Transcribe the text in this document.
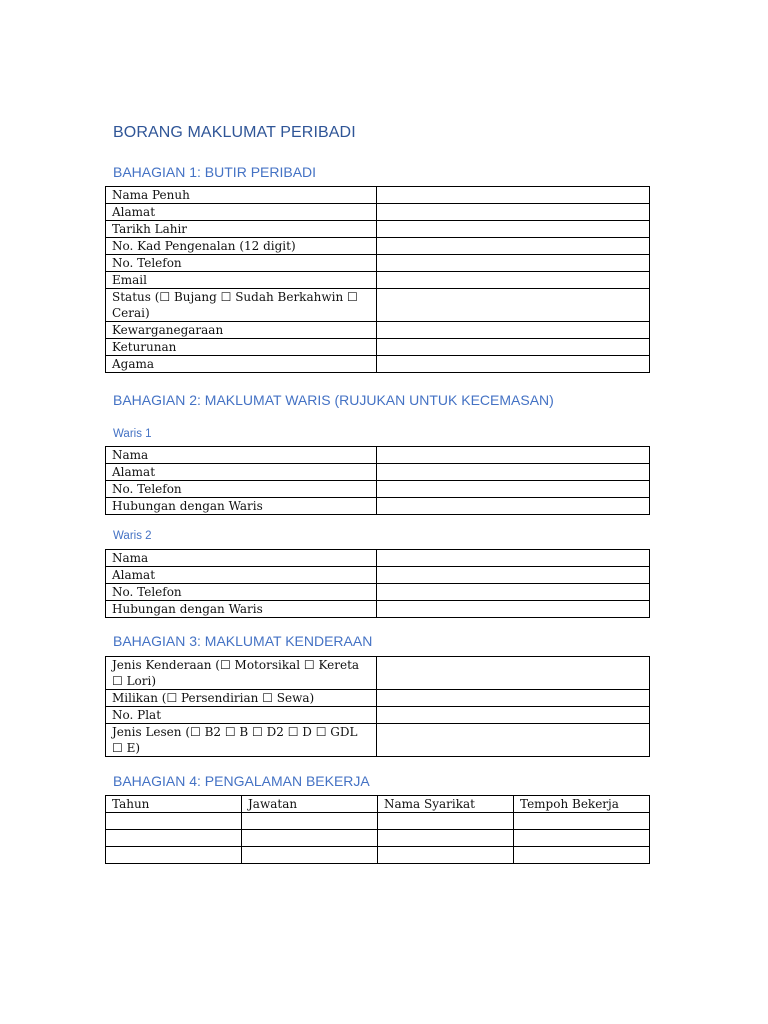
BORANG MAKLUMAT PERIBADI
BAHAGIAN 1: BUTIR PERIBADI
Nama Penuh	
Alamat	
Tarikh Lahir	
No. Kad Pengenalan (12 digit)	
No. Telefon	
Email	
Status (☐ Bujang ☐ Sudah Berkahwin ☐ Cerai)	
Kewarganegaraan	
Keturunan	
Agama	
BAHAGIAN 2: MAKLUMAT WARIS (RUJUKAN UNTUK KECEMASAN)
Waris 1
Nama	
Alamat	
No. Telefon	
Hubungan dengan Waris	
Waris 2
Nama	
Alamat	
No. Telefon	
Hubungan dengan Waris	
BAHAGIAN 3: MAKLUMAT KENDERAAN
Jenis Kenderaan (☐ Motorsikal ☐ Kereta ☐ Lori)	
Milikan (☐ Persendirian ☐ Sewa)	
No. Plat	
Jenis Lesen (☐ B2 ☐ B ☐ D2 ☐ D ☐ GDL ☐ E)	
BAHAGIAN 4: PENGALAMAN BEKERJA
Tahun	Jawatan	Nama Syarikat	Tempoh Bekerja
